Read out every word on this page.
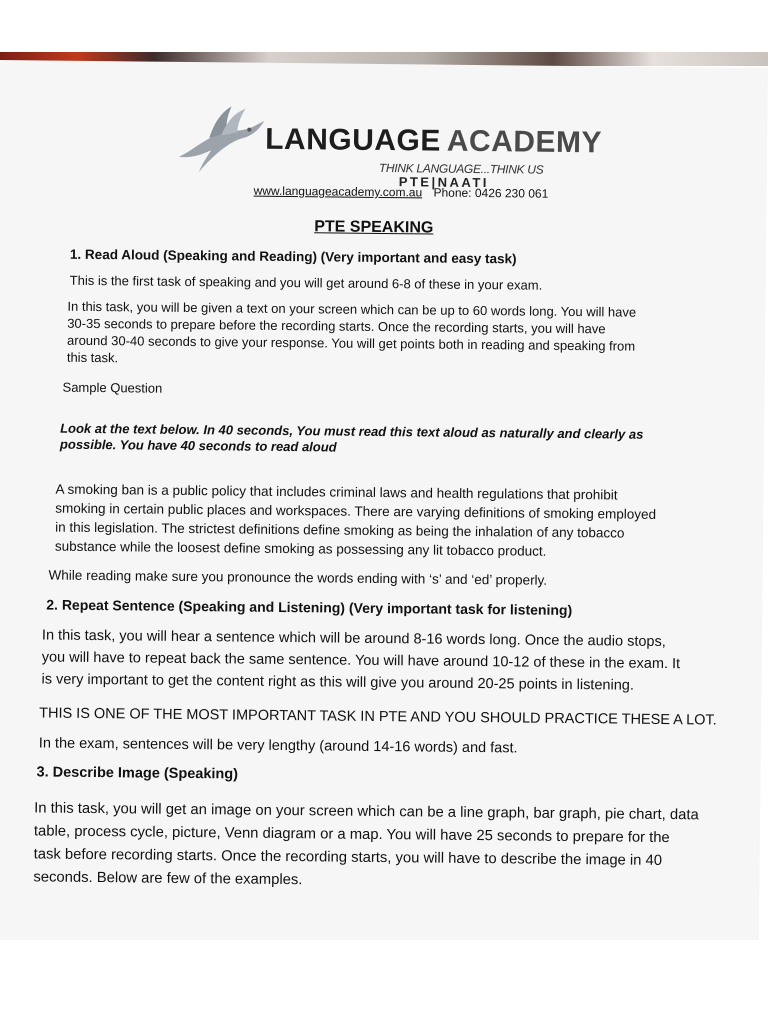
LANGUAGE ACADEMY
THINK LANGUAGE...THINK US
PTE|NAATI
www.languageacademy.com.au Phone: 0426 230 061
PTE SPEAKING
1. Read Aloud (Speaking and Reading) (Very important and easy task)
This is the first task of speaking and you will get around 6-8 of these in your exam.
In this task, you will be given a text on your screen which can be up to 60 words long. You will have
30-35 seconds to prepare before the recording starts. Once the recording starts, you will have
around 30-40 seconds to give your response. You will get points both in reading and speaking from
this task.
Sample Question
Look at the text below. In 40 seconds, You must read this text aloud as naturally and clearly as
possible. You have 40 seconds to read aloud
A smoking ban is a public policy that includes criminal laws and health regulations that prohibit
smoking in certain public places and workspaces. There are varying definitions of smoking employed
in this legislation. The strictest definitions define smoking as being the inhalation of any tobacco
substance while the loosest define smoking as possessing any lit tobacco product.
While reading make sure you pronounce the words ending with ‘s’ and ‘ed’ properly.
2. Repeat Sentence (Speaking and Listening) (Very important task for listening)
In this task, you will hear a sentence which will be around 8-16 words long. Once the audio stops,
you will have to repeat back the same sentence. You will have around 10-12 of these in the exam. It
is very important to get the content right as this will give you around 20-25 points in listening.
THIS IS ONE OF THE MOST IMPORTANT TASK IN PTE AND YOU SHOULD PRACTICE THESE A LOT.
In the exam, sentences will be very lengthy (around 14-16 words) and fast.
3. Describe Image (Speaking)
In this task, you will get an image on your screen which can be a line graph, bar graph, pie chart, data
table, process cycle, picture, Venn diagram or a map. You will have 25 seconds to prepare for the
task before recording starts. Once the recording starts, you will have to describe the image in 40
seconds. Below are few of the examples.
